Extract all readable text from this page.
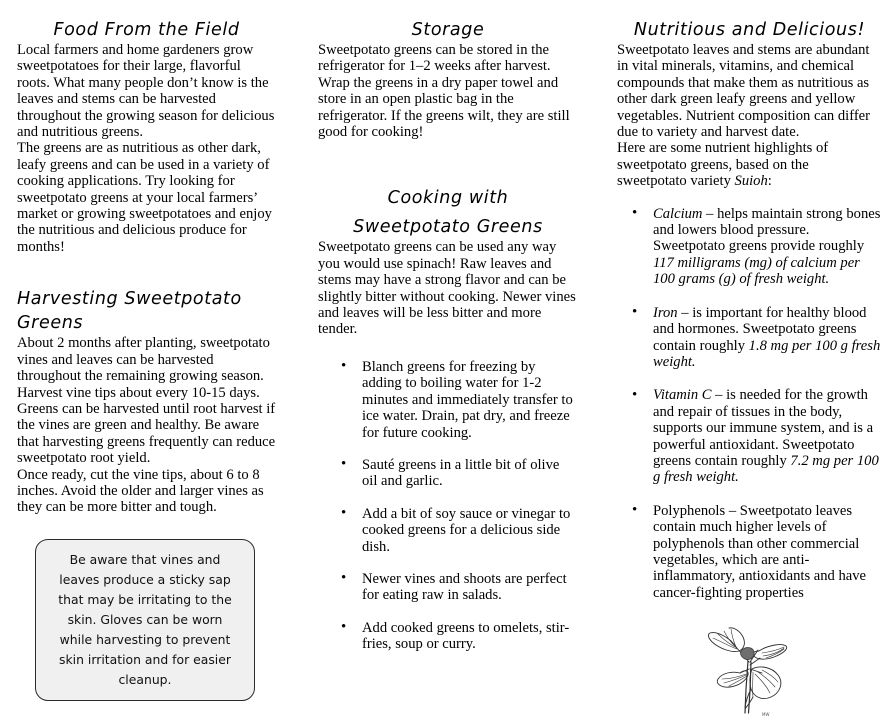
Food From the Field

Local farmers and home gardeners grow sweetpotatoes for their large, flavorful roots. What many people don’t know is the leaves and stems can be harvested throughout the growing season for delicious and nutritious greens.

The greens are as nutritious as other dark, leafy greens and can be used in a variety of cooking applications. Try looking for sweetpotato greens at your local farmers’ market or growing sweetpotatoes and enjoy the nutritious and delicious produce for months!

Harvesting Sweetpotato Greens

About 2 months after planting, sweetpotato vines and leaves can be harvested throughout the remaining growing season. Harvest vine tips about every 10-15 days. Greens can be harvested until root harvest if the vines are green and healthy. Be aware that harvesting greens frequently can reduce sweetpotato root yield.

Once ready, cut the vine tips, about 6 to 8 inches. Avoid the older and larger vines as they can be more bitter and tough.

Be aware that vines and leaves produce a sticky sap that may be irritating to the skin. Gloves can be worn while harvesting to prevent skin irritation and for easier cleanup.

Storage

Sweetpotato greens can be stored in the refrigerator for 1–2 weeks after harvest. Wrap the greens in a dry paper towel and store in an open plastic bag in the refrigerator. If the greens wilt, they are still good for cooking!

Cooking with
Sweetpotato Greens

Sweetpotato greens can be used any way you would use spinach! Raw leaves and stems may have a strong flavor and can be slightly bitter without cooking. Newer vines and leaves will be less bitter and more tender.

• Blanch greens for freezing by adding to boiling water for 1-2 minutes and immediately transfer to ice water. Drain, pat dry, and freeze for future cooking.
• Sauté greens in a little bit of olive oil and garlic.
• Add a bit of soy sauce or vinegar to cooked greens for a delicious side dish.
• Newer vines and shoots are perfect for eating raw in salads.
• Add cooked greens to omelets, stir-fries, soup or curry.
Nutritious and Delicious!

Sweetpotato leaves and stems are abundant in vital minerals, vitamins, and chemical compounds that make them as nutritious as other dark green leafy greens and yellow vegetables. Nutrient composition can differ due to variety and harvest date.

Here are some nutrient highlights of sweetpotato greens, based on the sweetpotato variety Suioh:

• Calcium – helps maintain strong bones and lowers blood pressure. Sweetpotato greens provide roughly 117 milligrams (mg) of calcium per 100 grams (g) of fresh weight.
• Iron – is important for healthy blood and hormones. Sweetpotato greens contain roughly 1.8 mg per 100 g fresh weight.
• Vitamin C – is needed for the growth and repair of tissues in the body, supports our immune system, and is a powerful antioxidant. Sweetpotato greens contain roughly 7.2 mg per 100 g fresh weight.
• Polyphenols – Sweetpotato leaves contain much higher levels of polyphenols than other commercial vegetables, which are anti-inflammatory, antioxidants and have cancer-fighting properties
MW
